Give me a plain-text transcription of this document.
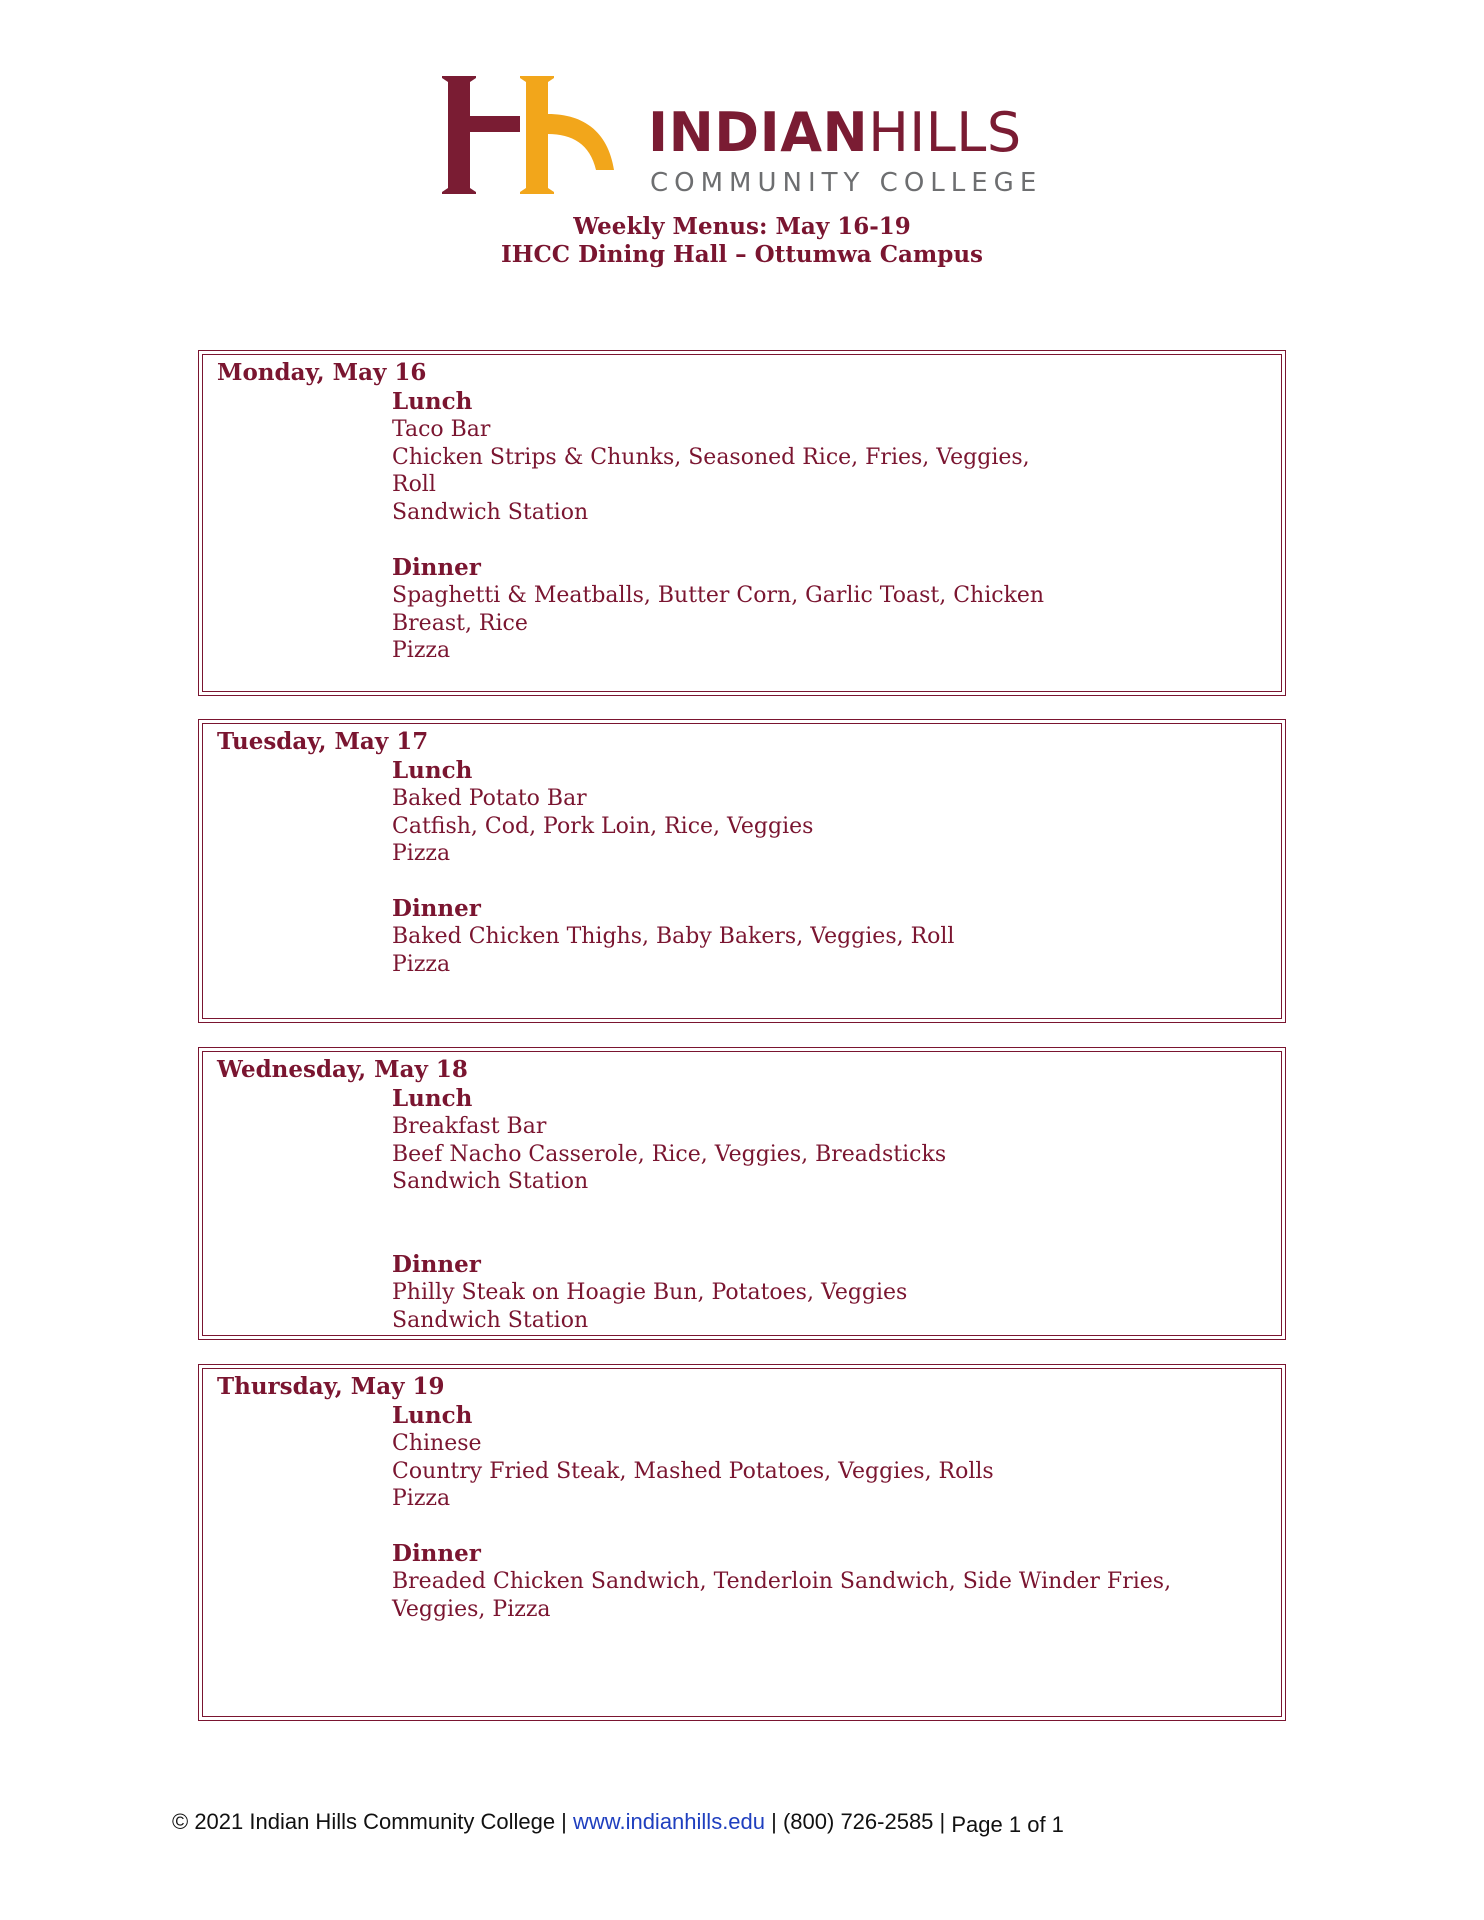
INDIANHILLS
COMMUNITY COLLEGE
Weekly Menus: May 16-19
IHCC Dining Hall – Ottumwa Campus
Monday, May 16
Lunch
Taco Bar
Chicken Strips & Chunks, Seasoned Rice, Fries, Veggies,
Roll
Sandwich Station
Dinner
Spaghetti & Meatballs, Butter Corn, Garlic Toast, Chicken
Breast, Rice
Pizza
Tuesday, May 17
Lunch
Baked Potato Bar
Catfish, Cod, Pork Loin, Rice, Veggies
Pizza
Dinner
Baked Chicken Thighs, Baby Bakers, Veggies, Roll
Pizza
Wednesday, May 18
Lunch
Breakfast Bar
Beef Nacho Casserole, Rice, Veggies, Breadsticks
Sandwich Station
Dinner
Philly Steak on Hoagie Bun, Potatoes, Veggies
Sandwich Station
Thursday, May 19
Lunch
Chinese
Country Fried Steak, Mashed Potatoes, Veggies, Rolls
Pizza
Dinner
Breaded Chicken Sandwich, Tenderloin Sandwich, Side Winder Fries,
Veggies, Pizza
© 2021 Indian Hills Community College | www.indianhills.edu | (800) 726-2585 | Page 1 of 1
